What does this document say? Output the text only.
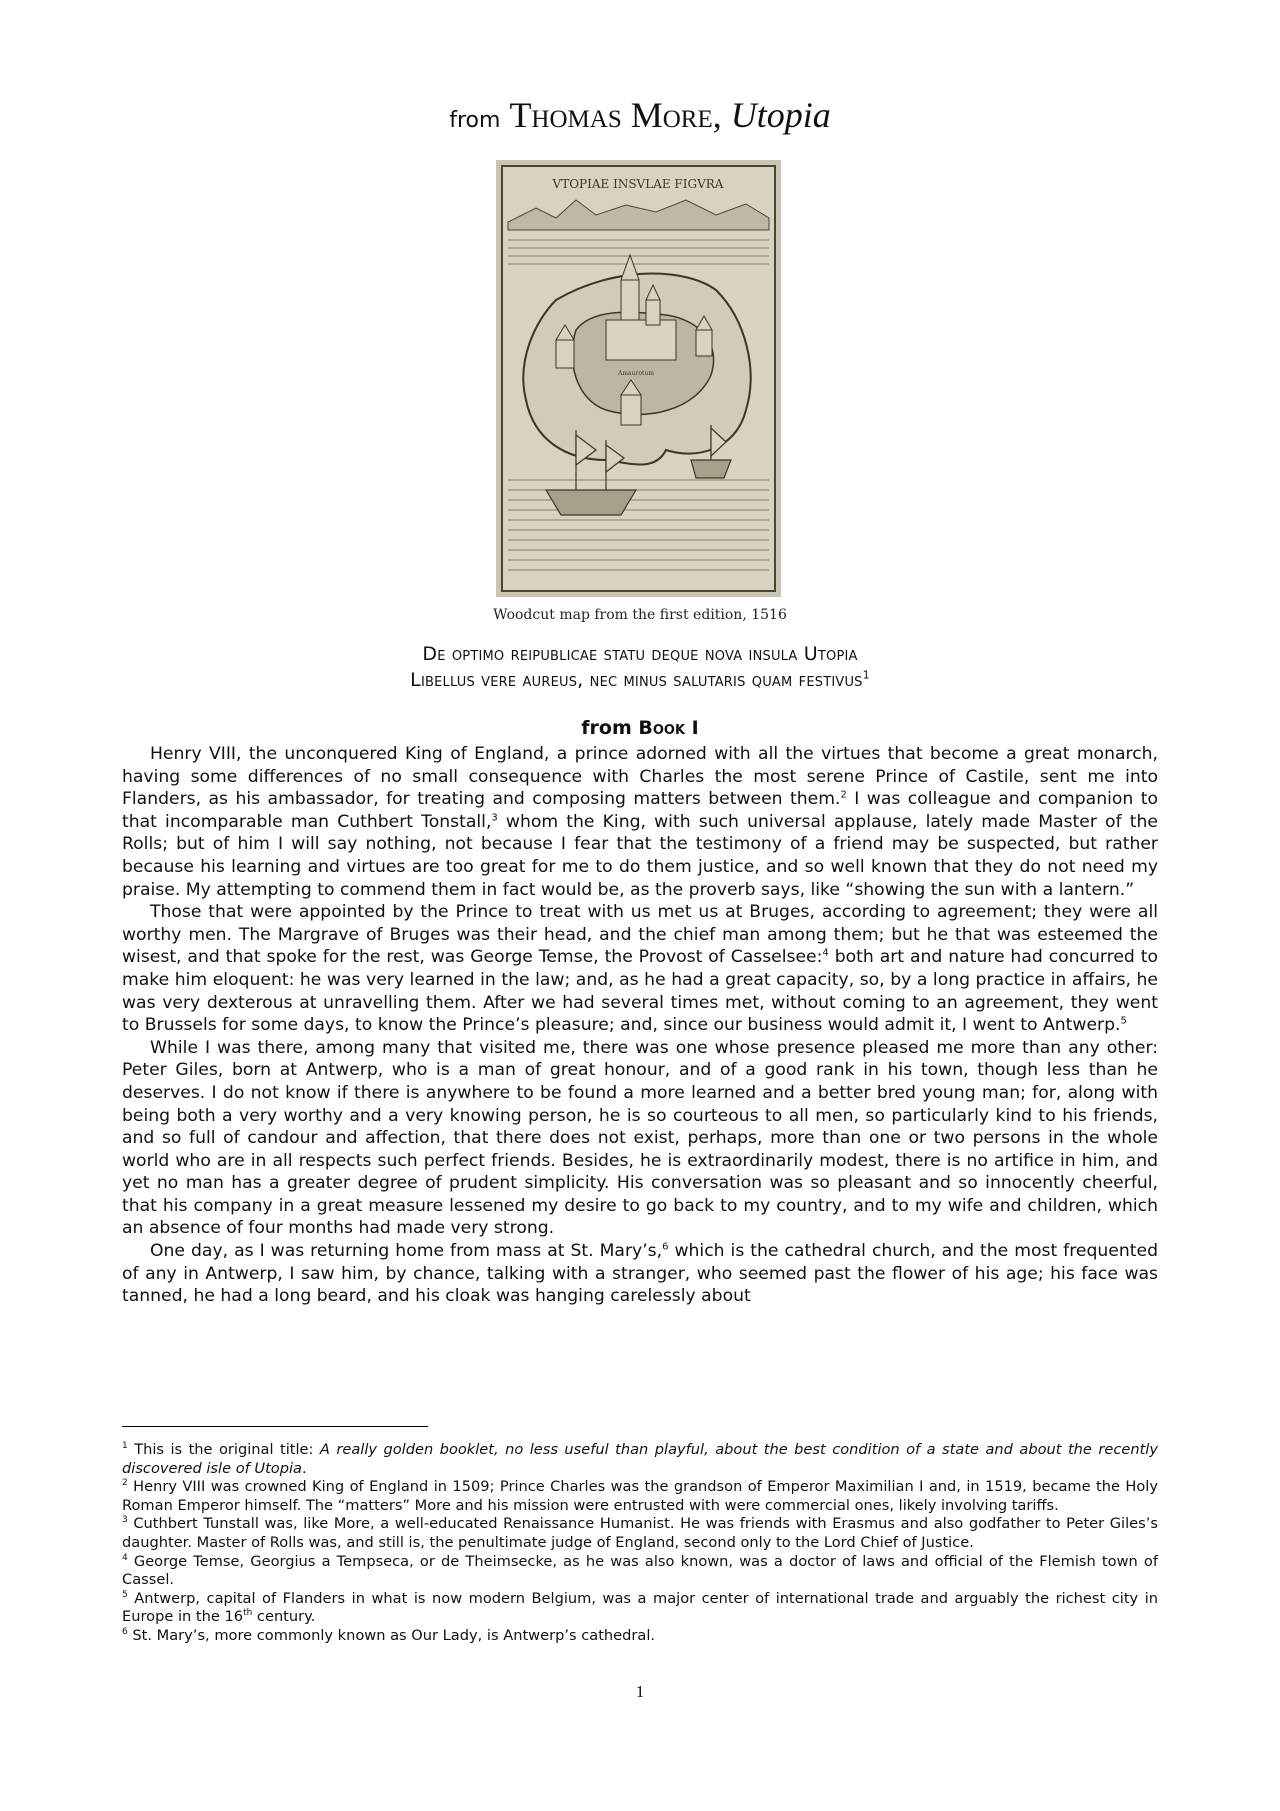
from Thomas More, Utopia
VTOPIAE INSVLAE FIGVRA
Amaurotum
Woodcut map from the first edition, 1516
De optimo reipublicae statu deque nova insula Utopia
Libellus vere aureus, nec minus salutaris quam festivus$^1$
from Book I

Henry VIII, the unconquered King of England, a prince adorned with all the virtues that become a great monarch, having some differences of no small consequence with Charles the most serene Prince of Castile, sent me into Flanders, as his ambassador, for treating and composing matters between them.$^2$ I was colleague and companion to that incomparable man Cuthbert Tonstall,$^3$ whom the King, with such universal applause, lately made Master of the Rolls; but of him I will say nothing, not because I fear that the testimony of a friend may be suspected, but rather because his learning and virtues are too great for me to do them justice, and so well known that they do not need my praise. My attempting to commend them in fact would be, as the proverb says, like “showing the sun with a lantern.”

Those that were appointed by the Prince to treat with us met us at Bruges, according to agreement; they were all worthy men. The Margrave of Bruges was their head, and the chief man among them; but he that was esteemed the wisest, and that spoke for the rest, was George Temse, the Provost of Casselsee:$^4$ both art and nature had concurred to make him eloquent: he was very learned in the law; and, as he had a great capacity, so, by a long practice in affairs, he was very dexterous at unravelling them. After we had several times met, without coming to an agreement, they went to Brussels for some days, to know the Prince’s pleasure; and, since our business would admit it, I went to Antwerp.$^5$

While I was there, among many that visited me, there was one whose presence pleased me more than any other: Peter Giles, born at Antwerp, who is a man of great honour, and of a good rank in his town, though less than he deserves. I do not know if there is anywhere to be found a more learned and a better bred young man; for, along with being both a very worthy and a very knowing person, he is so courteous to all men, so particularly kind to his friends, and so full of candour and affection, that there does not exist, perhaps, more than one or two persons in the whole world who are in all respects such perfect friends. Besides, he is extraordinarily modest, there is no artifice in him, and yet no man has a greater degree of prudent simplicity. His conversation was so pleasant and so innocently cheerful, that his company in a great measure lessened my desire to go back to my country, and to my wife and children, which an absence of four months had made very strong.

One day, as I was returning home from mass at St. Mary’s,$^6$ which is the cathedral church, and the most frequented of any in Antwerp, I saw him, by chance, talking with a stranger, who seemed past the flower of his age; his face was tanned, he had a long beard, and his cloak was hanging carelessly about

$^1$ This is the original title: A really golden booklet, no less useful than playful, about the best condition of a state and about the recently discovered isle of Utopia.
$^2$ Henry VIII was crowned King of England in 1509; Prince Charles was the grandson of Emperor Maximilian I and, in 1519, became the Holy Roman Emperor himself. The “matters” More and his mission were entrusted with were commercial ones, likely involving tariffs.
$^3$ Cuthbert Tunstall was, like More, a well-educated Renaissance Humanist. He was friends with Erasmus and also godfather to Peter Giles’s daughter. Master of Rolls was, and still is, the penultimate judge of England, second only to the Lord Chief of Justice.
$^4$ George Temse, Georgius a Tempseca, or de Theimsecke, as he was also known, was a doctor of laws and official of the Flemish town of Cassel.
$^5$ Antwerp, capital of Flanders in what is now modern Belgium, was a major center of international trade and arguably the richest city in Europe in the 16th century.
$^6$ St. Mary’s, more commonly known as Our Lady, is Antwerp’s cathedral.
1
